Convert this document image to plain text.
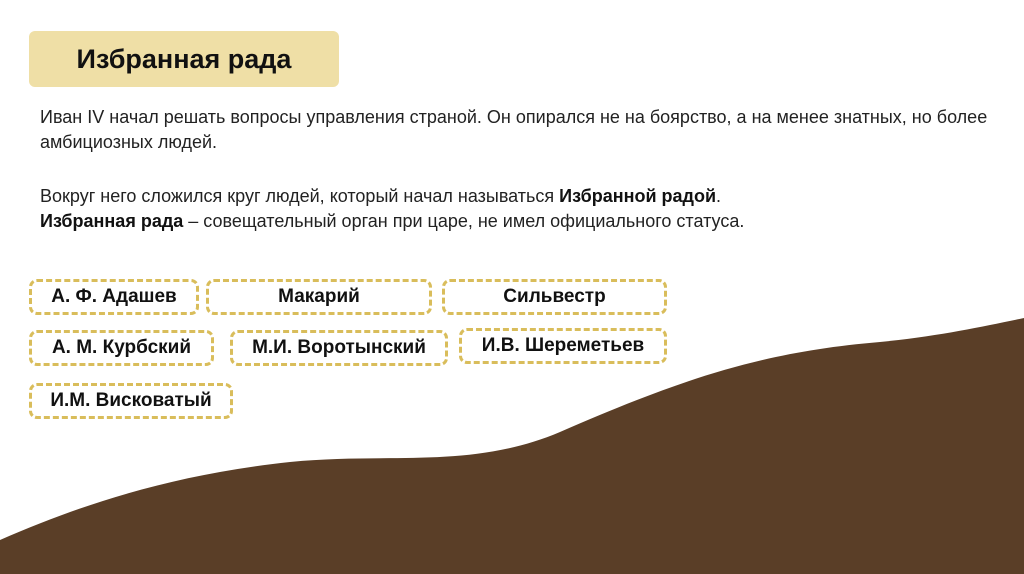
Избранная рада
Иван IV начал решать вопросы управления страной. Он опирался не на боярство, а на менее знатных, но более амбициозных людей.
Вокруг него сложился круг людей, который начал называться Избранной радой.
Избранная рада – совещательный орган при царе, не имел официального статуса.
А. Ф. Адашев	Макарий	Сильвестр
А. М. Курбский	М.И. Воротынский	И.В. Шереметьев
И.М. Висковатый
